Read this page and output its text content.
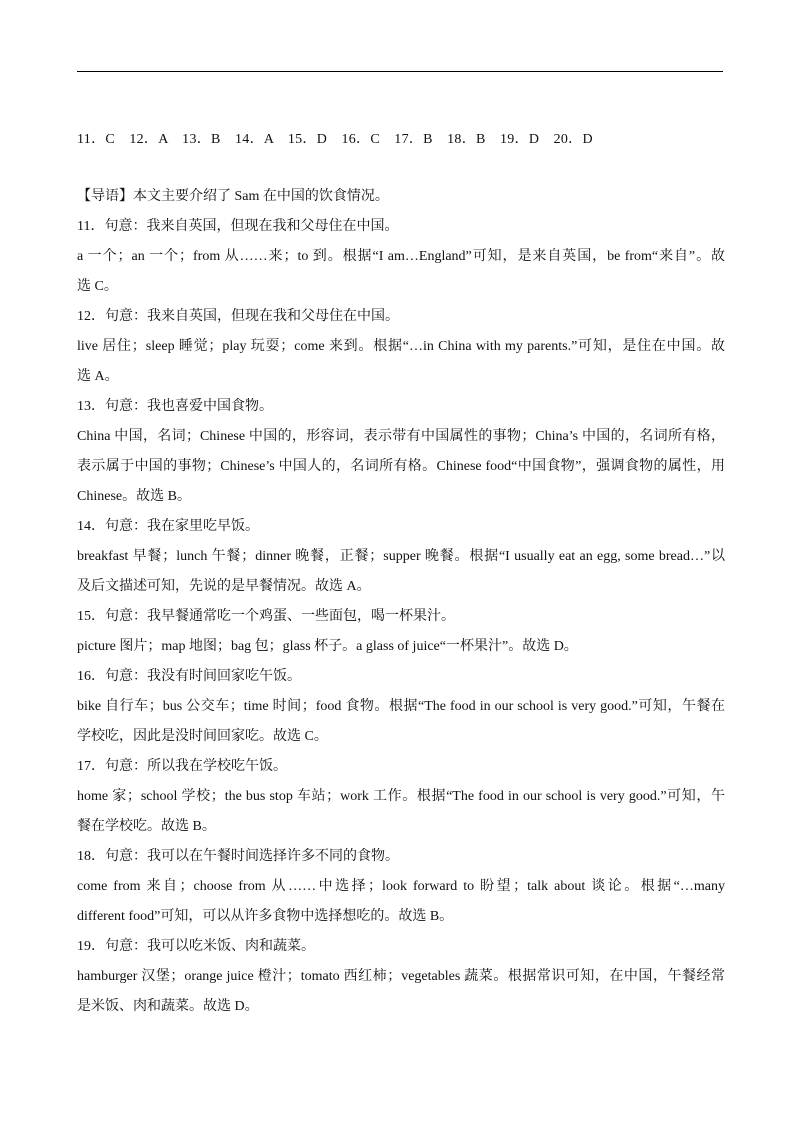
11．C　12．A　13．B　14．A　15．D　16．C　17．B　18．B　19．D　20．D
【导语】本文主要介绍了 Sam 在中国的饮食情况。
11．句意：我来自英国，但现在我和父母住在中国。
a 一个；an 一个；from 从……来；to 到。根据“I am…England”可知，是来自英国，be from“来自”。故
选 C。
12．句意：我来自英国，但现在我和父母住在中国。
live 居住；sleep 睡觉；play 玩耍；come 来到。根据“…in China with my parents.”可知，是住在中国。故
选 A。
13．句意：我也喜爱中国食物。
China 中国，名词；Chinese 中国的，形容词，表示带有中国属性的事物；China’s 中国的，名词所有格，
表示属于中国的事物；Chinese’s 中国人的，名词所有格。Chinese food“中国食物”，强调食物的属性，用
Chinese。故选 B。
14．句意：我在家里吃早饭。
breakfast 早餐；lunch 午餐；dinner 晚餐，正餐；supper 晚餐。根据“I usually eat an egg, some bread…”以
及后文描述可知，先说的是早餐情况。故选 A。
15．句意：我早餐通常吃一个鸡蛋、一些面包，喝一杯果汁。
picture 图片；map 地图；bag 包；glass 杯子。a glass of juice“一杯果汁”。故选 D。
16．句意：我没有时间回家吃午饭。
bike 自行车；bus 公交车；time 时间；food 食物。根据“The food in our school is very good.”可知，午餐在
学校吃，因此是没时间回家吃。故选 C。
17．句意：所以我在学校吃午饭。
home 家；school 学校；the bus stop 车站；work 工作。根据“The food in our school is very good.”可知，午
餐在学校吃。故选 B。
18．句意：我可以在午餐时间选择许多不同的食物。
come from 来自；choose from 从……中选择；look forward to 盼望；talk about 谈论。根据“…many
different food”可知，可以从许多食物中选择想吃的。故选 B。
19．句意：我可以吃米饭、肉和蔬菜。
hamburger 汉堡；orange juice 橙汁；tomato 西红柿；vegetables 蔬菜。根据常识可知，在中国，午餐经常
是米饭、肉和蔬菜。故选 D。
